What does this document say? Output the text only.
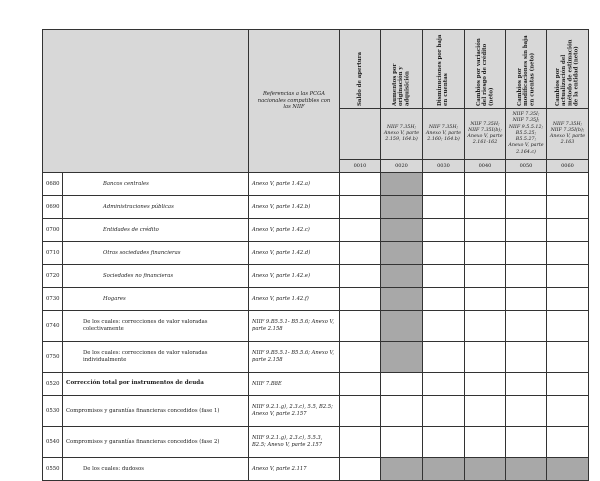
		Referencias a las PCGA nacionales compatibles con las NIIF	Saldo de apertura	Aumentos por originación y adquisición	Disminuciones por baja en cuentas	Cambios por variación del riesgo de crédito (neto)	Cambios por modificaciones sin baja en cuentas (neto)	Cambios por actualización del método de estimación de la entidad (neto)

				NIIF 7.35H; Anexo V, parte 2.159, 164.b)	NIIF 7.35H; Anexo V, parte 2.160; 164.b)	NIIF 7.35H; NIIF 7.35I(b); Anexo V, parte 2.161-162	NIIF 7.35I; NIIF 7.35J; NIIF 9.5.5.12; B5.5.25; B5.5.27; Anexo V, parte 2.164.c)	NIIF 7.35H; NIIF 7.35I(b); Anexo V, parte 2.163
			0010	0020	0030	0040	0050	0060
0680	Bancos centrales	Anexo V, parte 1.42.a)						
0690	Administraciones públicas	Anexo V, parte 1.42.b)						
0700	Entidades de crédito	Anexo V, parte 1.42.c)						
0710	Otras sociedades financieras	Anexo V, parte 1.42.d)						
0720	Sociedades no financieras	Anexo V, parte 1.42.e)						
0730	Hogares	Anexo V, parte 1.42.f)						
0740	De los cuales: correcciones de valor valoradas colectivamente	NIIF 9.B5.5.1- B5.5.6; Anexo V, parte 2.158						
0750	De los cuales: correcciones de valor valoradas individualmente	NIIF 9.B5.5.1- B5.5.6; Anexo V, parte 2.158						
0520	Corrección total por instrumentos de deuda	NIIF 7.B8E						
0530	Compromisos y garantías financieras concedidos (fase 1)	NIIF 9.2.1.g), 2.3.c), 5.5, B2.5; Anexo V, parte 2.157						
0540	Compromisos y garantías financieras concedidos (fase 2)	NIIF 9.2.1.g), 2.3.c), 5.5.3, B2.5; Anexo V, parte 2.157						
0550	De los cuales: dudosos	Anexo V, parte 2.117						
